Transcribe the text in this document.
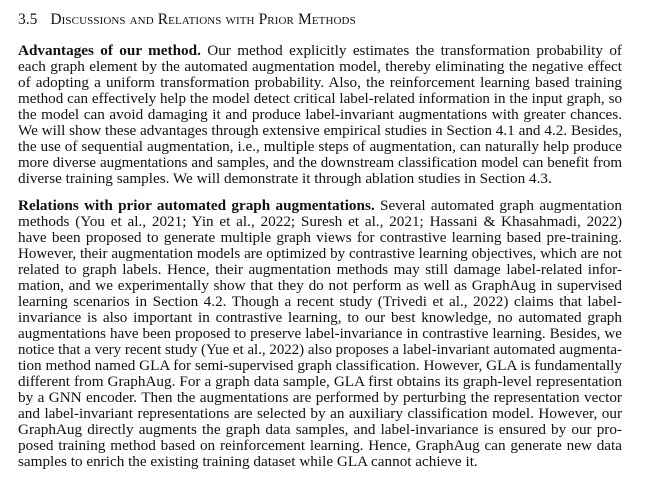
3.5 Discussions and Relations with Prior Methods
Advantages of our method. Our method explicitly estimates the transformation probability of
each graph element by the automated augmentation model, thereby eliminating the negative effect
of adopting a uniform transformation probability. Also, the reinforcement learning based training
method can effectively help the model detect critical label-related information in the input graph, so
the model can avoid damaging it and produce label-invariant augmentations with greater chances.
We will show these advantages through extensive empirical studies in Section 4.1 and 4.2. Besides,
the use of sequential augmentation, i.e., multiple steps of augmentation, can naturally help produce
more diverse augmentations and samples, and the downstream classification model can benefit from
diverse training samples. We will demonstrate it through ablation studies in Section 4.3.
Relations with prior automated graph augmentations. Several automated graph augmentation
methods (You et al., 2021; Yin et al., 2022; Suresh et al., 2021; Hassani & Khasahmadi, 2022)
have been proposed to generate multiple graph views for contrastive learning based pre-training.
However, their augmentation models are optimized by contrastive learning objectives, which are not
related to graph labels. Hence, their augmentation methods may still damage label-related infor-
mation, and we experimentally show that they do not perform as well as GraphAug in supervised
learning scenarios in Section 4.2. Though a recent study (Trivedi et al., 2022) claims that label-
invariance is also important in contrastive learning, to our best knowledge, no automated graph
augmentations have been proposed to preserve label-invariance in contrastive learning. Besides, we
notice that a very recent study (Yue et al., 2022) also proposes a label-invariant automated augmenta-
tion method named GLA for semi-supervised graph classification. However, GLA is fundamentally
different from GraphAug. For a graph data sample, GLA first obtains its graph-level representation
by a GNN encoder. Then the augmentations are performed by perturbing the representation vector
and label-invariant representations are selected by an auxiliary classification model. However, our
GraphAug directly augments the graph data samples, and label-invariance is ensured by our pro-
posed training method based on reinforcement learning. Hence, GraphAug can generate new data
samples to enrich the existing training dataset while GLA cannot achieve it.
